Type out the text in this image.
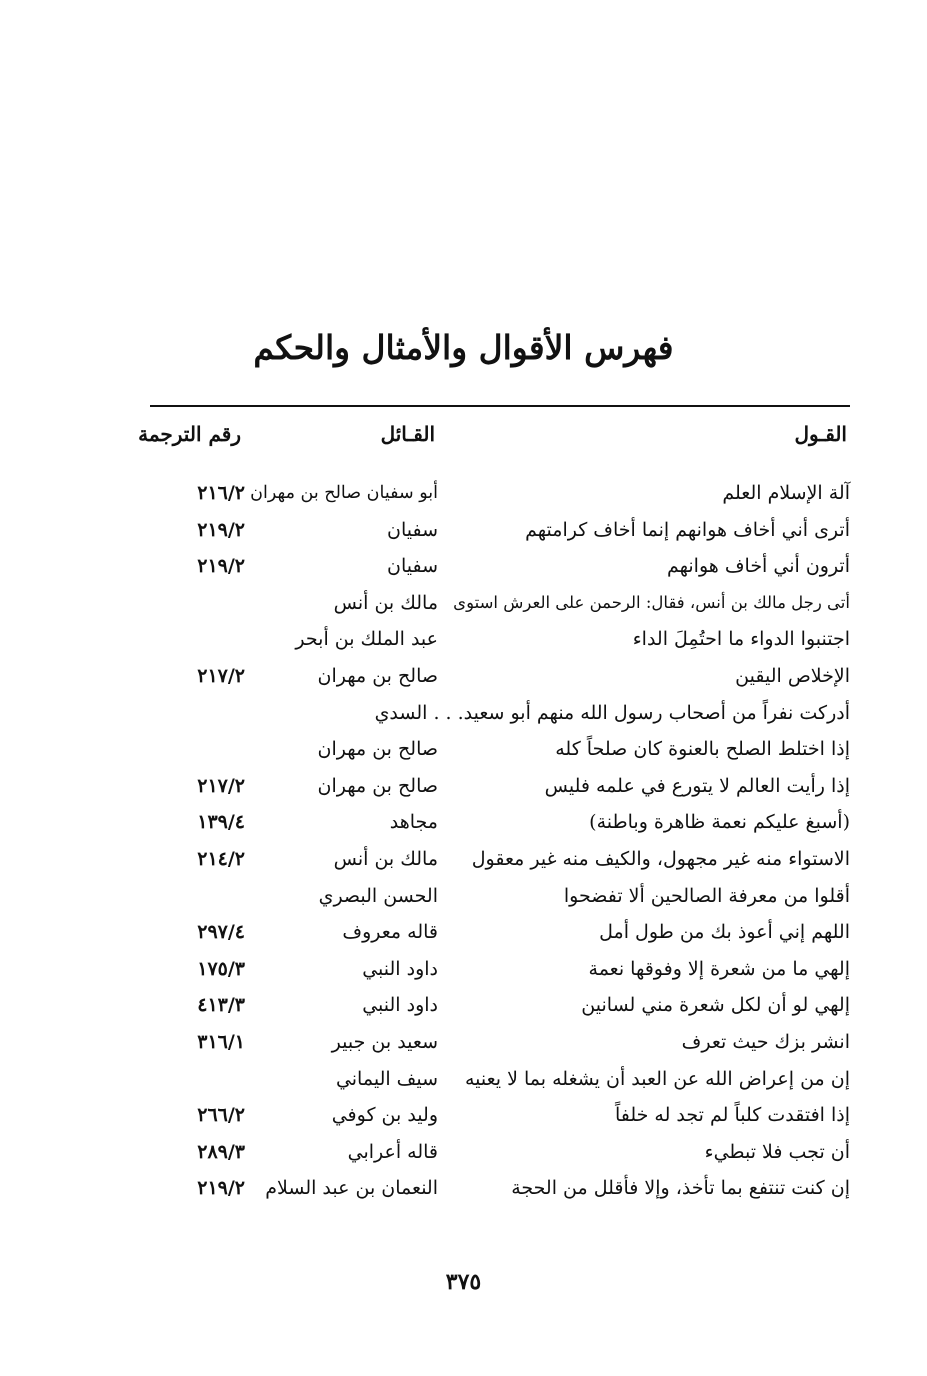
فهرس الأقوال والأمثال والحكم
القـول
القـائل
رقم الترجمة
آلة الإسلام العلم
أبو سفيان صالح بن مهران
٢١٦/٢
أترى أني أخاف هوانهم إنما أخاف كرامتهم
سفيان
٢١٩/٢
أترون أني أخاف هوانهم
سفيان
٢١٩/٢
أتى رجل مالك بن أنس، فقال: الرحمن على العرش استوى
مالك بن أنس
اجتنبوا الدواء ما احتُمِلَ الداء
عبد الملك بن أبحر
الإخلاص اليقين
صالح بن مهران
٢١٧/٢
أدركت نفراً من أصحاب رسول الله منهم أبو سعيد. . . السدي
إذا اختلط الصلح بالعنوة كان صلحاً كله
صالح بن مهران
إذا رأيت العالم لا يتورع في علمه فليس
صالح بن مهران
٢١٧/٢
(أسبغ عليكم نعمة ظاهرة وباطنة)
مجاهد
١٣٩/٤
الاستواء منه غير مجهول، والكيف منه غير معقول
مالك بن أنس
٢١٤/٢
أقلوا من معرفة الصالحين ألا تفضحوا
الحسن البصري
اللهم إني أعوذ بك من طول أمل
قاله معروف
٢٩٧/٤
إلهي ما من شعرة إلا وفوقها نعمة
داود النبي
١٧٥/٣
إلهي لو أن لكل شعرة مني لسانين
داود النبي
٤١٣/٣
انشر بزك حيث تعرف
سعيد بن جبير
٣١٦/١
إن من إعراض الله عن العبد أن يشغله بما لا يعنيه
سيف اليماني
إذا افتقدت كلباً لم تجد له خلفاً
وليد بن كوفي
٢٦٦/٢
أن تجب فلا تبطيء
قاله أعرابي
٢٨٩/٣
إن كنت تنتفع بما تأخذ، وإلا فأقلل من الحجة
النعمان بن عبد السلام
٢١٩/٢
٣٧٥
